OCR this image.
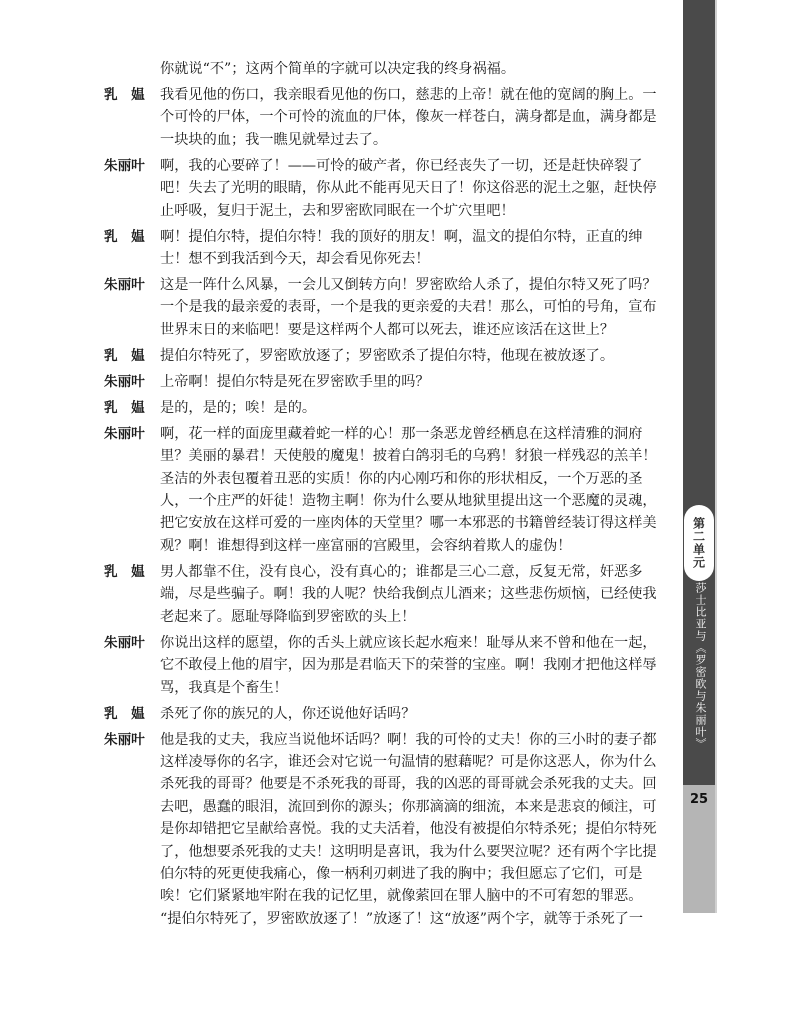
你就说“不”；这两个简单的字就可以决定我的终身祸福。
乳　媪	我看见他的伤口，我亲眼看见他的伤口，慈悲的上帝！就在他的宽阔的胸上。一
个可怜的尸体，一个可怜的流血的尸体，像灰一样苍白，满身都是血，满身都是
一块块的血；我一瞧见就晕过去了。
朱丽叶	啊，我的心要碎了！——可怜的破产者，你已经丧失了一切，还是赶快碎裂了
吧！失去了光明的眼睛，你从此不能再见天日了！你这俗恶的泥土之躯，赶快停
止呼吸，复归于泥土，去和罗密欧同眠在一个圹穴里吧！
乳　媪	啊！提伯尔特，提伯尔特！我的顶好的朋友！啊，温文的提伯尔特，正直的绅
士！想不到我活到今天，却会看见你死去！
朱丽叶	这是一阵什么风暴，一会儿又倒转方向！罗密欧给人杀了，提伯尔特又死了吗？
一个是我的最亲爱的表哥，一个是我的更亲爱的夫君！那么，可怕的号角，宣布
世界末日的来临吧！要是这样两个人都可以死去，谁还应该活在这世上？
乳　媪	提伯尔特死了，罗密欧放逐了；罗密欧杀了提伯尔特，他现在被放逐了。
朱丽叶	上帝啊！提伯尔特是死在罗密欧手里的吗？
乳　媪	是的，是的；唉！是的。
朱丽叶	啊，花一样的面庞里藏着蛇一样的心！那一条恶龙曾经栖息在这样清雅的洞府
里？美丽的暴君！天使般的魔鬼！披着白鸽羽毛的乌鸦！豺狼一样残忍的羔羊！
圣洁的外表包覆着丑恶的实质！你的内心刚巧和你的形状相反，一个万恶的圣
人，一个庄严的奸徒！造物主啊！你为什么要从地狱里提出这一个恶魔的灵魂，
把它安放在这样可爱的一座肉体的天堂里？哪一本邪恶的书籍曾经装订得这样美
观？啊！谁想得到这样一座富丽的宫殿里，会容纳着欺人的虚伪！
乳　媪	男人都靠不住，没有良心，没有真心的；谁都是三心二意，反复无常，奸恶多
端，尽是些骗子。啊！我的人呢？快给我倒点儿酒来；这些悲伤烦恼，已经使我
老起来了。愿耻辱降临到罗密欧的头上！
朱丽叶	你说出这样的愿望，你的舌头上就应该长起水疱来！耻辱从来不曾和他在一起，
它不敢侵上他的眉宇，因为那是君临天下的荣誉的宝座。啊！我刚才把他这样辱
骂，我真是个畜生！
乳　媪	杀死了你的族兄的人，你还说他好话吗？
朱丽叶	他是我的丈夫，我应当说他坏话吗？啊！我的可怜的丈夫！你的三小时的妻子都
这样凌辱你的名字，谁还会对它说一句温情的慰藉呢？可是你这恶人，你为什么
杀死我的哥哥？他要是不杀死我的哥哥，我的凶恶的哥哥就会杀死我的丈夫。回
去吧，愚蠢的眼泪，流回到你的源头；你那滴滴的细流，本来是悲哀的倾注，可
是你却错把它呈献给喜悦。我的丈夫活着，他没有被提伯尔特杀死；提伯尔特死
了，他想要杀死我的丈夫！这明明是喜讯，我为什么要哭泣呢？还有两个字比提
伯尔特的死更使我痛心，像一柄利刃刺进了我的胸中；我但愿忘了它们，可是
唉！它们紧紧地牢附在我的记忆里，就像萦回在罪人脑中的不可宥恕的罪恶。
“提伯尔特死了，罗密欧放逐了！”放逐了！这“放逐”两个字，就等于杀死了一
第二单元
莎士比亚与《罗密欧与朱丽叶》
25
